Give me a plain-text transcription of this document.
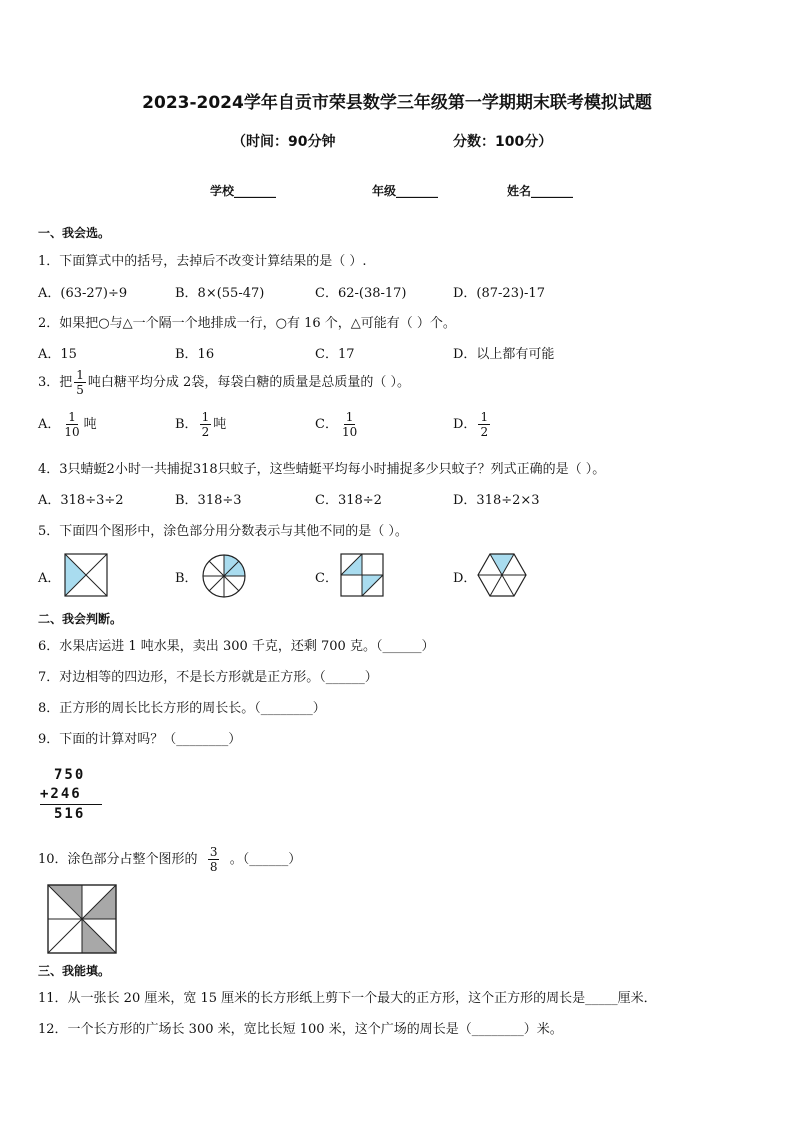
2023-2024学年自贡市荣县数学三年级第一学期期末联考模拟试题
（时间：90分钟	分数：100分）
学校_______	年级_______	姓名_______
一、我会选。
1．下面算式中的括号，去掉后不改变计算结果的是（ ）.
A．(63-27)÷9	B．8×(55-47)	C．62-(38-17)	D．(87-23)-17
2．如果把○与△一个隔一个地排成一行，○有 16 个，△可能有（ ）个。
A．15	B．16	C．17	D．以上都有可能
3．把 $\frac{1}{5}$ 吨白糖平均分成 2袋，每袋白糖的质量是总质量的（ ）。
A． $\frac{1}{10}$ 吨	B． $\frac{1}{2}$ 吨	C． $\frac{1}{10}$	D． $\frac{1}{2}$
4．3只蜻蜓2小时一共捕捉318只蚊子，这些蜻蜓平均每小时捕捉多少只蚊子？列式正确的是（ ）。
A．318÷3÷2	B．318÷3	C．318÷2	D．318÷2×3
5．下面四个图形中，涂色部分用分数表示与其他不同的是（ ）。
A．	B．	C．	D．
二、我会判断。
6．水果店运进 1 吨水果，卖出 300 千克，还剩 700 克。（______）
7．对边相等的四边形，不是长方形就是正方形。（______）
8．正方形的周长比长方形的周长长。（________）
9．下面的计算对吗？（________）
750
+246
516
10．涂色部分占整个图形的 $\frac{3}{8}$ 。（______）
三、我能填。
11．从一张长 20 厘米，宽 15 厘米的长方形纸上剪下一个最大的正方形，这个正方形的周长是_____厘米．
12．一个长方形的广场长 300 米，宽比长短 100 米，这个广场的周长是（________）米。
